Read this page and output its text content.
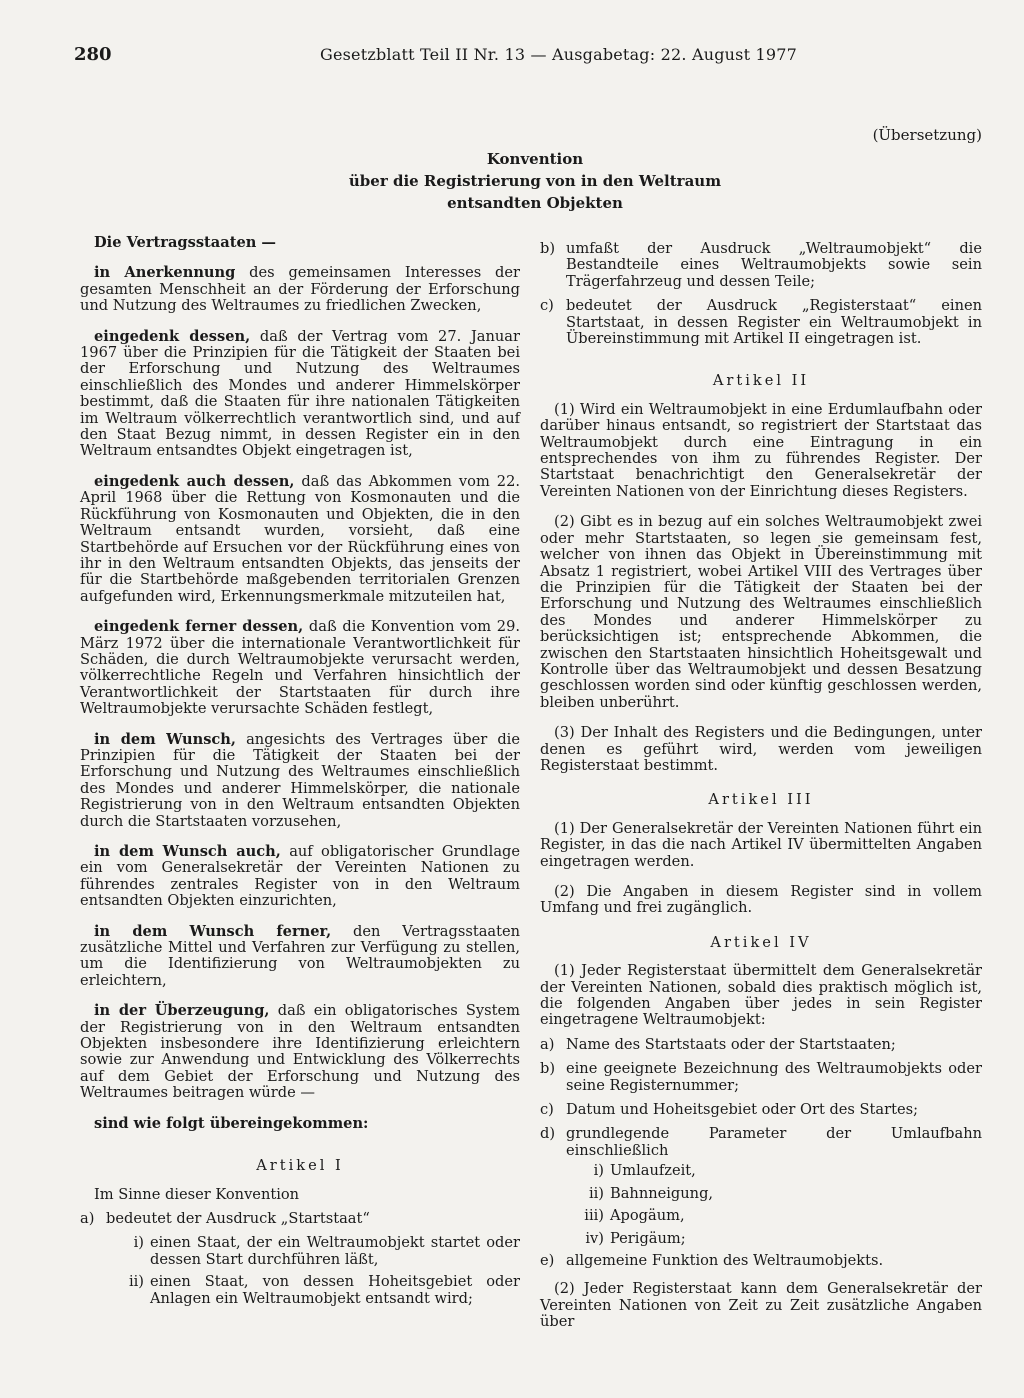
280	Gesetzblatt Teil II Nr. 13 — Ausgabetag: 22. August 1977
(Übersetzung)
Konvention
über die Registrierung von in den Weltraum
entsandten Objekten

Die Vertragsstaaten —

in Anerkennung des gemeinsamen Interesses der gesamten Menschheit an der Förderung der Erforschung und Nutzung des Weltraumes zu friedlichen Zwecken,

eingedenk dessen, daß der Vertrag vom 27. Januar 1967 über die Prinzipien für die Tätigkeit der Staaten bei der Erforschung und Nutzung des Weltraumes einschließlich des Mondes und anderer Himmelskörper bestimmt, daß die Staaten für ihre nationalen Tätigkeiten im Weltraum völkerrechtlich verantwortlich sind, und auf den Staat Bezug nimmt, in dessen Register ein in den Weltraum entsandtes Objekt eingetragen ist,

eingedenk auch dessen, daß das Abkommen vom 22. April 1968 über die Rettung von Kosmonauten und die Rückführung von Kosmonauten und Objekten, die in den Weltraum entsandt wurden, vorsieht, daß eine Startbehörde auf Ersuchen vor der Rückführung eines von ihr in den Weltraum entsandten Objekts, das jenseits der für die Startbehörde maßgebenden territorialen Grenzen aufgefunden wird, Erkennungsmerkmale mitzuteilen hat,

eingedenk ferner dessen, daß die Konvention vom 29. März 1972 über die internationale Verantwortlichkeit für Schäden, die durch Weltraumobjekte verursacht werden, völkerrechtliche Regeln und Verfahren hinsichtlich der Verantwortlichkeit der Startstaaten für durch ihre Weltraumobjekte verursachte Schäden festlegt,

in dem Wunsch, angesichts des Vertrages über die Prinzipien für die Tätigkeit der Staaten bei der Erforschung und Nutzung des Weltraumes einschließlich des Mondes und anderer Himmelskörper, die nationale Registrierung von in den Weltraum entsandten Objekten durch die Startstaaten vorzusehen,

in dem Wunsch auch, auf obligatorischer Grundlage ein vom Generalsekretär der Vereinten Nationen zu führendes zentrales Register von in den Weltraum entsandten Objekten einzurichten,

in dem Wunsch ferner, den Vertragsstaaten zusätzliche Mittel und Verfahren zur Verfügung zu stellen, um die Identifizierung von Weltraumobjekten zu erleichtern,

in der Überzeugung, daß ein obligatorisches System der Registrierung von in den Weltraum entsandten Objekten insbesondere ihre Identifizierung erleichtern sowie zur Anwendung und Entwicklung des Völkerrechts auf dem Gebiet der Erforschung und Nutzung des Weltraumes beitragen würde —

sind wie folgt übereingekommen:

Artikel I

Im Sinne dieser Konvention

a) bedeutet der Ausdruck „Startstaat“
i) einen Staat, der ein Weltraumobjekt startet oder dessen Start durchführen läßt,
ii) einen Staat, von dessen Hoheitsgebiet oder Anlagen ein Weltraumobjekt entsandt wird;
b) umfaßt der Ausdruck „Weltraumobjekt“ die Bestandteile eines Weltraumobjekts sowie sein Trägerfahrzeug und dessen Teile;
c) bedeutet der Ausdruck „Registerstaat“ einen Startstaat, in dessen Register ein Weltraumobjekt in Übereinstimmung mit Artikel II eingetragen ist.
Artikel II

(1) Wird ein Weltraumobjekt in eine Erdumlaufbahn oder darüber hinaus entsandt, so registriert der Startstaat das Weltraumobjekt durch eine Eintragung in ein entsprechendes von ihm zu führendes Register. Der Startstaat benachrichtigt den Generalsekretär der Vereinten Nationen von der Einrichtung dieses Registers.

(2) Gibt es in bezug auf ein solches Weltraumobjekt zwei oder mehr Startstaaten, so legen sie gemeinsam fest, welcher von ihnen das Objekt in Übereinstimmung mit Absatz 1 registriert, wobei Artikel VIII des Vertrages über die Prinzipien für die Tätigkeit der Staaten bei der Erforschung und Nutzung des Weltraumes einschließlich des Mondes und anderer Himmelskörper zu berücksichtigen ist; entsprechende Abkommen, die zwischen den Startstaaten hinsichtlich Hoheitsgewalt und Kontrolle über das Weltraumobjekt und dessen Besatzung geschlossen worden sind oder künftig geschlossen werden, bleiben unberührt.

(3) Der Inhalt des Registers und die Bedingungen, unter denen es geführt wird, werden vom jeweiligen Registerstaat bestimmt.

Artikel III

(1) Der Generalsekretär der Vereinten Nationen führt ein Register, in das die nach Artikel IV übermittelten Angaben eingetragen werden.

(2) Die Angaben in diesem Register sind in vollem Umfang und frei zugänglich.

Artikel IV

(1) Jeder Registerstaat übermittelt dem Generalsekretär der Vereinten Nationen, sobald dies praktisch möglich ist, die folgenden Angaben über jedes in sein Register eingetragene Weltraumobjekt:

a) Name des Startstaats oder der Startstaaten;
b) eine geeignete Bezeichnung des Weltraumobjekts oder seine Registernummer;
c) Datum und Hoheitsgebiet oder Ort des Startes;
d) grundlegende Parameter der Umlaufbahn einschließlich
i) Umlaufzeit,
ii) Bahnneigung,
iii) Apogäum,
iv) Perigäum;
e) allgemeine Funktion des Weltraumobjekts.

(2) Jeder Registerstaat kann dem Generalsekretär der Vereinten Nationen von Zeit zu Zeit zusätzliche Angaben über
